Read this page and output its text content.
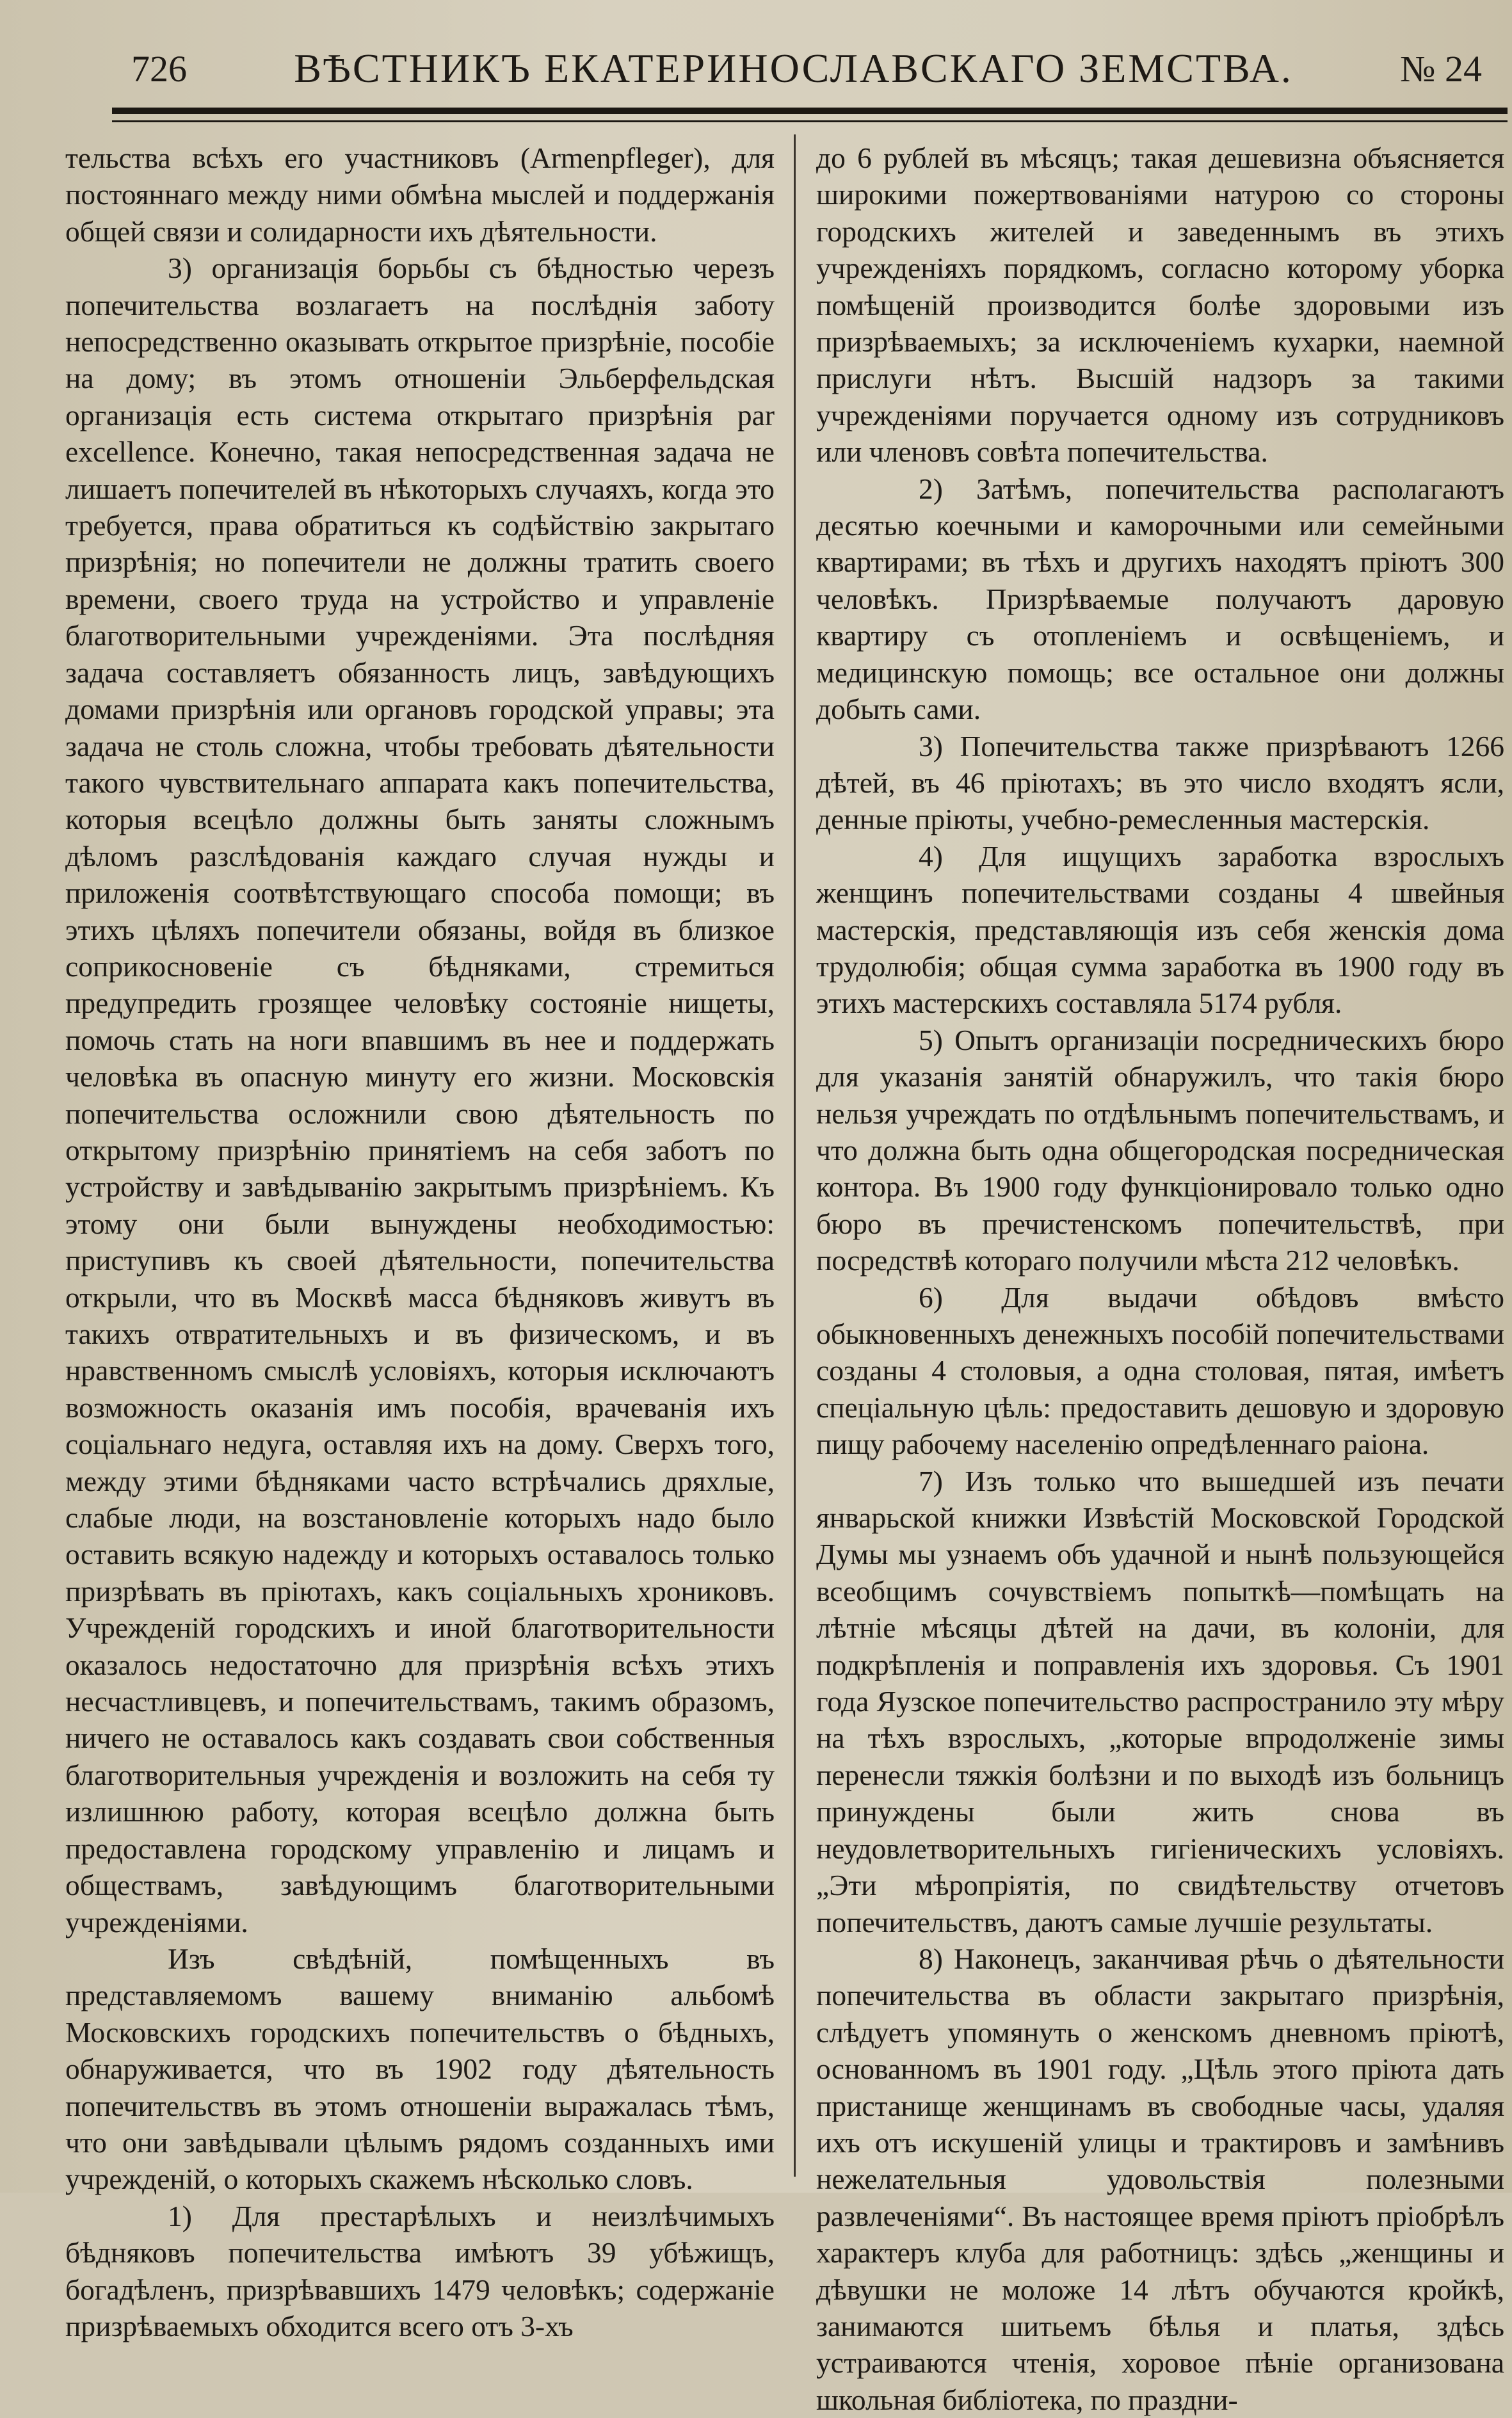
726	ВѢСТНИКЪ ЕКАТЕРИНОСЛАВСКАГО ЗЕМСТВА.	№ 24

тельства всѣхъ его участниковъ (Armenpfleger), для постояннаго между ними обмѣна мыслей и поддержанія общей связи и солидарности ихъ дѣятельности.

3) организація борьбы съ бѣдностью черезъ попечительства возлагаетъ на послѣднія заботу непосредственно оказывать открытое призрѣніе, пособіе на дому; въ этомъ отношеніи Эльберфельдская организація есть система открытаго призрѣнія par excellence. Конечно, такая непосредственная задача не лишаетъ попечителей въ нѣкоторыхъ случаяхъ, когда это требуется, права обратиться къ содѣйствію закрытаго призрѣнія; но попечители не должны тратить своего времени, своего труда на устройство и управленіе благотворительными учрежденіями. Эта послѣдняя задача составляетъ обязанность лицъ, завѣдующихъ домами призрѣнія или органовъ городской управы; эта задача не столь сложна, чтобы требовать дѣятельности такого чувствительнаго аппарата какъ попечительства, которыя всецѣло должны быть заняты сложнымъ дѣломъ разслѣдованія каждаго случая нужды и приложенія соотвѣтствующаго способа помощи; въ этихъ цѣляхъ попечители обязаны, войдя въ близкое соприкосновеніе съ бѣдняками, стремиться предупредить грозящее человѣку состояніе нищеты, помочь стать на ноги впавшимъ въ нее и поддержать человѣка въ опасную минуту его жизни. Московскія попечительства осложнили свою дѣятельность по открытому призрѣнію принятіемъ на себя заботъ по устройству и завѣдыванію закрытымъ призрѣніемъ. Къ этому они были вынуждены необходимостью: приступивъ къ своей дѣятельности, попечительства открыли, что въ Москвѣ масса бѣдняковъ живутъ въ такихъ отвратительныхъ и въ физическомъ, и въ нравственномъ смыслѣ условіяхъ, которыя исключаютъ возможность оказанія имъ пособія, врачеванія ихъ соціальнаго недуга, оставляя ихъ на дому. Сверхъ того, между этими бѣдняками часто встрѣчались дряхлые, слабые люди, на возстановленіе которыхъ надо было оставить всякую надежду и которыхъ оставалось только призрѣвать въ пріютахъ, какъ соціальныхъ хрониковъ. Учрежденій городскихъ и иной благотворительности оказалось недостаточно для призрѣнія всѣхъ этихъ несчастливцевъ, и попечительствамъ, такимъ образомъ, ничего не оставалось какъ создавать свои собственныя благотворительныя учрежденія и возложить на себя ту излишнюю работу, которая всецѣло должна быть предоставлена городскому управленію и лицамъ и обществамъ, завѣдующимъ благотворительными учрежденіями.

Изъ свѣдѣній, помѣщенныхъ въ представляемомъ вашему вниманію альбомѣ Московскихъ городскихъ попечительствъ о бѣдныхъ, обнаруживается, что въ 1902 году дѣятельность попечительствъ въ этомъ отношеніи выражалась тѣмъ, что они завѣдывали цѣлымъ рядомъ созданныхъ ими учрежденій, о которыхъ скажемъ нѣсколько словъ.

1) Для престарѣлыхъ и неизлѣчимыхъ бѣдняковъ попечительства имѣютъ 39 убѣжищъ, богадѣленъ, призрѣвавшихъ 1479 человѣкъ; содержаніе призрѣваемыхъ обходится всего отъ 3-хъ

до 6 рублей въ мѣсяцъ; такая дешевизна объясняется широкими пожертвованіями натурою со стороны городскихъ жителей и заведеннымъ въ этихъ учрежденіяхъ порядкомъ, согласно которому уборка помѣщеній производится болѣе здоровыми изъ призрѣваемыхъ; за исключеніемъ кухарки, наемной прислуги нѣтъ. Высшій надзоръ за такими учрежденіями поручается одному изъ сотрудниковъ или членовъ совѣта попечительства.

2) Затѣмъ, попечительства располагаютъ десятью коечными и каморочными или семейными квартирами; въ тѣхъ и другихъ находятъ пріютъ 300 человѣкъ. Призрѣваемые получаютъ даровую квартиру съ отопленіемъ и освѣщеніемъ, и медицинскую помощь; все остальное они должны добыть сами.

3) Попечительства также призрѣваютъ 1266 дѣтей, въ 46 пріютахъ; въ это число входятъ ясли, денные пріюты, учебно-ремесленныя мастерскія.

4) Для ищущихъ заработка взрослыхъ женщинъ попечительствами созданы 4 швейныя мастерскія, представляющія изъ себя женскія дома трудолюбія; общая сумма заработка въ 1900 году въ этихъ мастерскихъ составляла 5174 рубля.

5) Опытъ организаціи посредническихъ бюро для указанія занятій обнаружилъ, что такія бюро нельзя учреждать по отдѣльнымъ попечительствамъ, и что должна быть одна общегородская посредническая контора. Въ 1900 году функціонировало только одно бюро въ пречистенскомъ попечительствѣ, при посредствѣ котораго получили мѣста 212 человѣкъ.

6) Для выдачи обѣдовъ вмѣсто обыкновенныхъ денежныхъ пособій попечительствами созданы 4 столовыя, а одна столовая, пятая, имѣетъ спеціальную цѣль: предоставить дешовую и здоровую пищу рабочему населенію опредѣленнаго раіона.

7) Изъ только что вышедшей изъ печати январьской книжки Извѣстій Московской Городской Думы мы узнаемъ объ удачной и нынѣ пользующейся всеобщимъ сочувствіемъ попыткѣ—помѣщать на лѣтніе мѣсяцы дѣтей на дачи, въ колоніи, для подкрѣпленія и поправленія ихъ здоровья. Съ 1901 года Яузское попечительство распространило эту мѣру на тѣхъ взрослыхъ, „которые впродолженіе зимы перенесли тяжкія болѣзни и по выходѣ изъ больницъ принуждены были жить снова въ неудовлетворительныхъ гигіеническихъ условіяхъ. „Эти мѣропріятія, по свидѣтельству отчетовъ попечительствъ, даютъ самые лучшіе результаты.

8) Наконецъ, заканчивая рѣчь о дѣятельности попечительства въ области закрытаго призрѣнія, слѣдуетъ упомянуть о женскомъ дневномъ пріютѣ, основанномъ въ 1901 году. „Цѣль этого пріюта дать пристанище женщинамъ въ свободные часы, удаляя ихъ отъ искушеній улицы и трактировъ и замѣнивъ нежелательныя удовольствія полезными развлеченіями“. Въ настоящее время пріютъ пріобрѣлъ характеръ клуба для работницъ: здѣсь „женщины и дѣвушки не моложе 14 лѣтъ обучаются кройкѣ, занимаются шитьемъ бѣлья и платья, здѣсь устраиваются чтенія, хоровое пѣніе организована школьная библіотека, по праздни-
